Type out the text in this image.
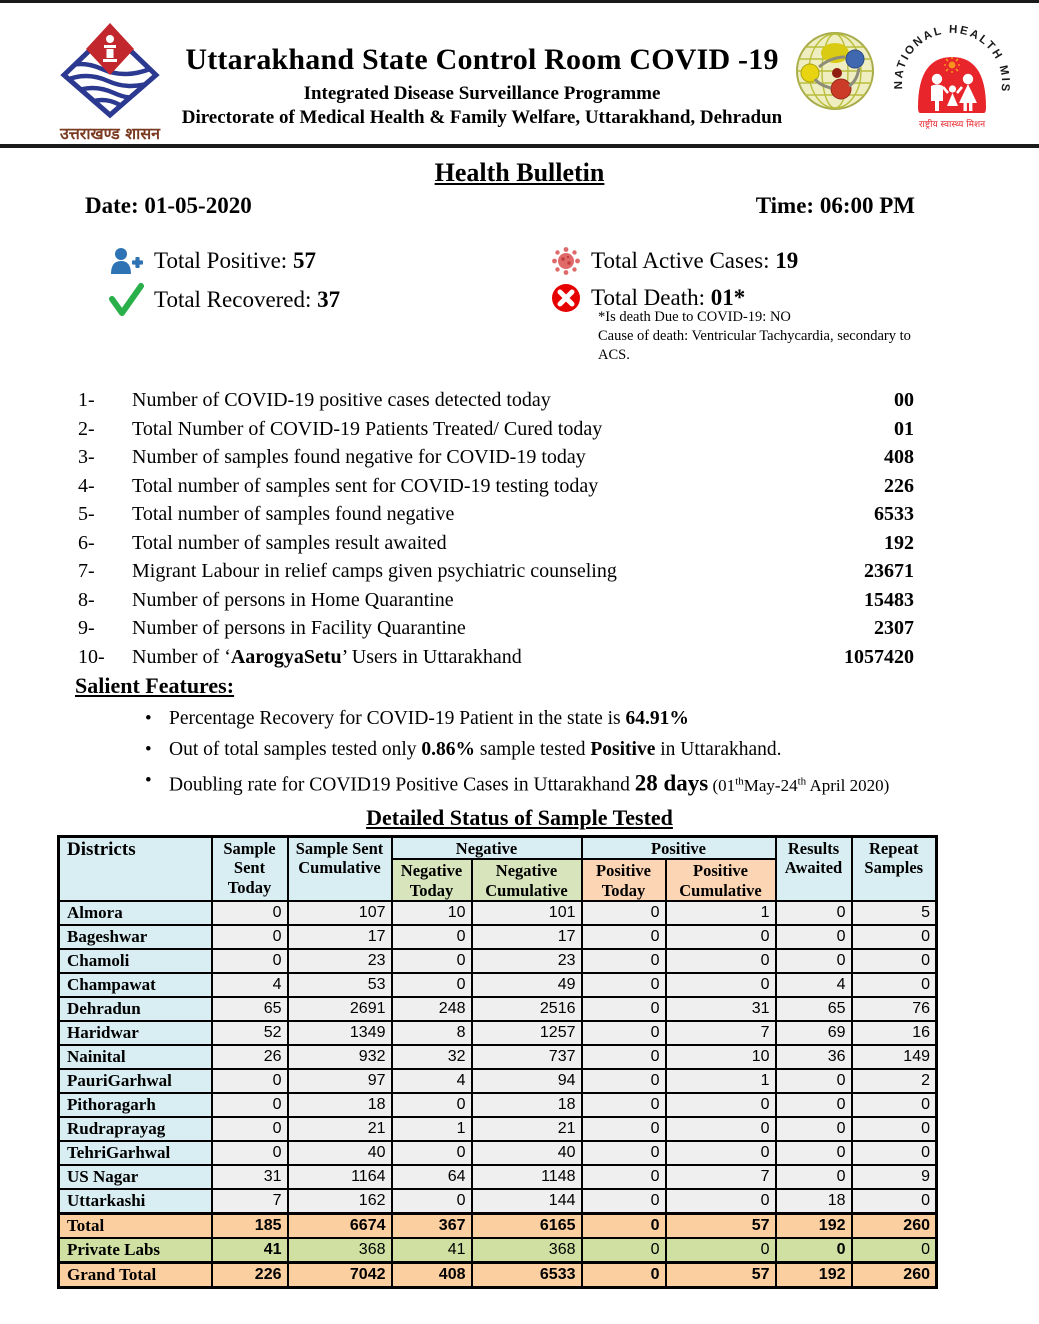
उत्तराखण्ड शासन
Uttarakhand State Control Room COVID -19
Integrated Disease Surveillance Programme
Directorate of Medical Health & Family Welfare, Uttarakhand, Dehradun
NATIONAL HEALTH MIS
राष्ट्रीय स्वास्थ्य मिशन
Health Bulletin
Date: 01-05-2020	Time: 06:00 PM
Total Positive: 57
Total Recovered: 37
Total Active Cases: 19
Total Death: 01*
*Is death Due to COVID-19: NO
Cause of death: Ventricular Tachycardia, secondary to ACS.
1-	Number of COVID-19 positive cases detected today	00
2-	Total Number of COVID-19 Patients Treated/ Cured today	01
3-	Number of samples found negative for COVID-19 today	408
4-	Total number of samples sent for COVID-19 testing today	226
5-	Total number of samples found negative	6533
6-	Total number of samples result awaited	192
7-	Migrant Labour in relief camps given psychiatric counseling	23671
8-	Number of persons in Home Quarantine	15483
9-	Number of persons in Facility Quarantine	2307
10-	Number of ‘AarogyaSetu’ Users in Uttarakhand	1057420
Salient Features:
• Percentage Recovery for COVID-19 Patient in the state is 64.91%
• Out of total samples tested only 0.86% sample tested Positive in Uttarakhand.
• Doubling rate for COVID19 Positive Cases in Uttarakhand 28 days (01thMay-24th April 2020)
Detailed Status of Sample Tested
Districts	Sample Sent Today	Sample Sent Cumulative	Negative		Positive		Results Awaited	Repeat Samples
			Negative Today	Negative Cumulative	Positive Today	Positive Cumulative		
Almora	0	107	10	101	0	1	0	5
Bageshwar	0	17	0	17	0	0	0	0
Chamoli	0	23	0	23	0	0	0	0
Champawat	4	53	0	49	0	0	4	0
Dehradun	65	2691	248	2516	0	31	65	76
Haridwar	52	1349	8	1257	0	7	69	16
Nainital	26	932	32	737	0	10	36	149
PauriGarhwal	0	97	4	94	0	1	0	2
Pithoragarh	0	18	0	18	0	0	0	0
Rudraprayag	0	21	1	21	0	0	0	0
TehriGarhwal	0	40	0	40	0	0	0	0
US Nagar	31	1164	64	1148	0	7	0	9
Uttarkashi	7	162	0	144	0	0	18	0
Total	185	6674	367	6165	0	57	192	260
Private Labs	41	368	41	368	0	0	0	0
Grand Total	226	7042	408	6533	0	57	192	260
